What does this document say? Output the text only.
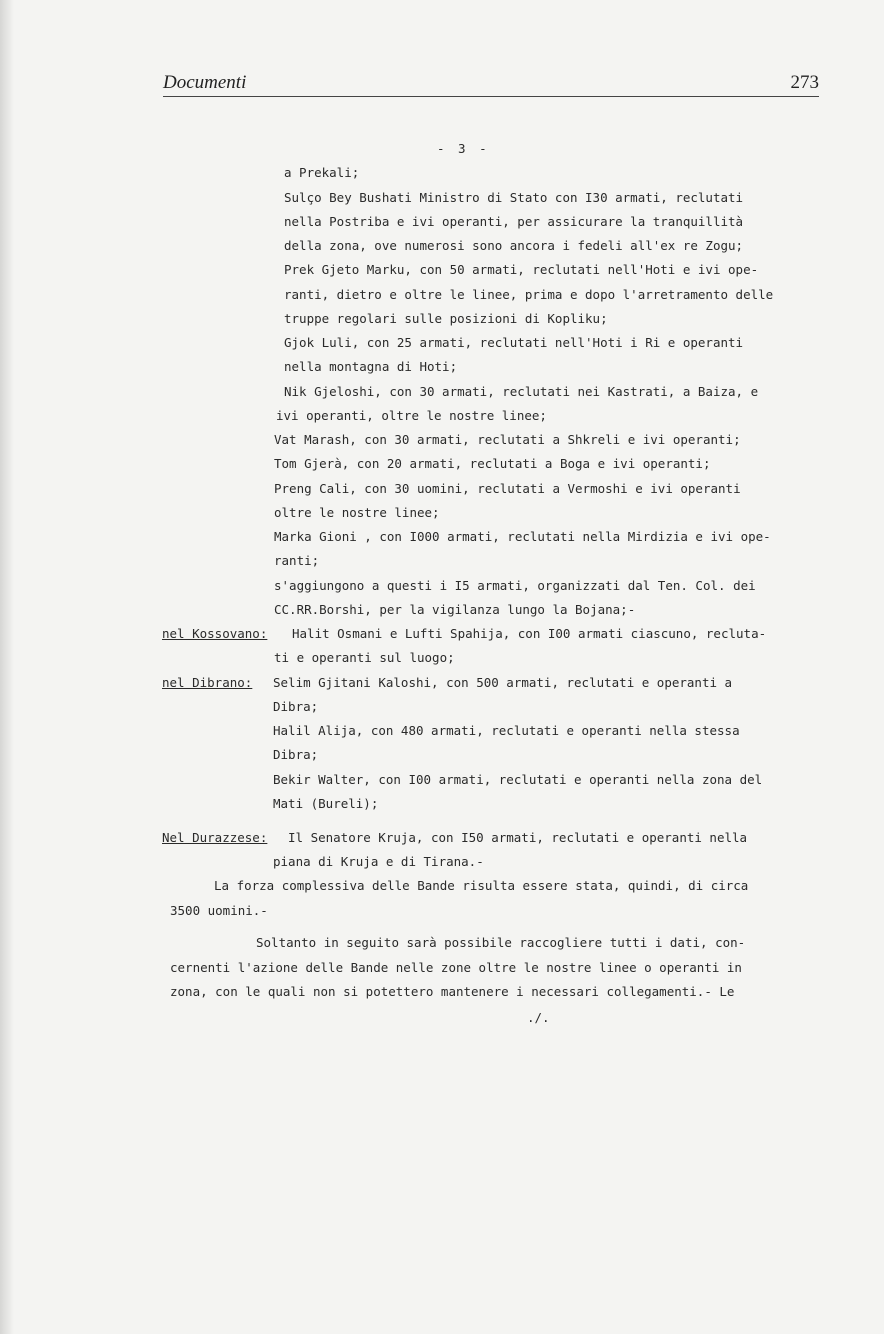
Documenti	273
- 3 -
a Prekali;
Sulço Bey Bushati Ministro di Stato con I30 armati, reclutati
nella Postriba e ivi operanti, per assicurare la tranquillità
della zona, ove numerosi sono ancora i fedeli all'ex re Zogu;
Prek Gjeto Marku, con 50 armati, reclutati nell'Hoti e ivi ope-
ranti, dietro e oltre le linee, prima e dopo l'arretramento delle
truppe regolari sulle posizioni di Kopliku;
Gjok Luli, con 25 armati, reclutati nell'Hoti i Ri e operanti
nella montagna di Hoti;
Nik Gjeloshi, con 30 armati, reclutati nei Kastrati, a Baiza, e
ivi operanti, oltre le nostre linee;
Vat Marash, con 30 armati, reclutati a Shkreli e ivi operanti;
Tom Gjerà, con 20 armati, reclutati a Boga e ivi operanti;
Preng Cali, con 30 uomini, reclutati a Vermoshi e ivi operanti
oltre le nostre linee;
Marka Gioni , con I000 armati, reclutati nella Mirdizia e ivi ope-
ranti;
s'aggiungono a questi i I5 armati, organizzati dal Ten. Col. dei
CC.RR.Borshi, per la vigilanza lungo la Bojana;-
nel Kossovano: Halit Osmani e Lufti Spahija, con I00 armati ciascuno, recluta-
ti e operanti sul luogo;
nel Dibrano: Selim Gjitani Kaloshi, con 500 armati, reclutati e operanti a
Dibra;
Halil Alija, con 480 armati, reclutati e operanti nella stessa
Dibra;
Bekir Walter, con I00 armati, reclutati e operanti nella zona del
Mati (Bureli);
Nel Durazzese: Il Senatore Kruja, con I50 armati, reclutati e operanti nella
piana di Kruja e di Tirana.-
La forza complessiva delle Bande risulta essere stata, quindi, di circa
3500 uomini.-
Soltanto in seguito sarà possibile raccogliere tutti i dati, con-
cernenti l'azione delle Bande nelle zone oltre le nostre linee o operanti in
zona, con le quali non si potettero mantenere i necessari collegamenti.- Le
./.
